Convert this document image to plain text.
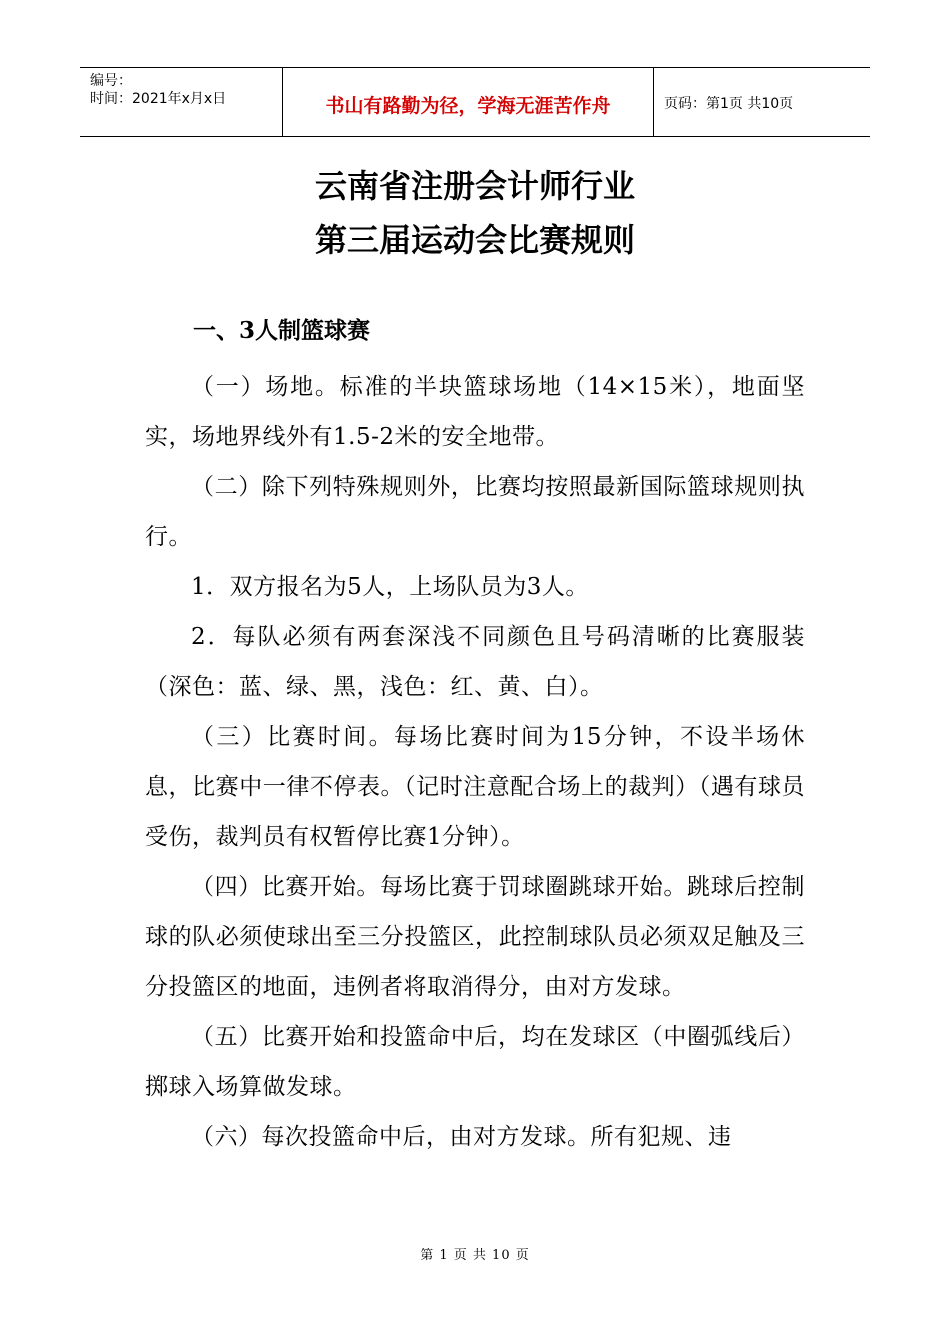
编号：
时间：2021年x月x日	书山有路勤为径，学海无涯苦作舟	页码：第1页 共10页
云南省注册会计师行业
第三届运动会比赛规则
一、3人制篮球赛

（一）场地。标准的半块篮球场地（14×15米），地面坚实，场地界线外有1.5-2米的安全地带。

（二）除下列特殊规则外，比赛均按照最新国际篮球规则执行。

1．双方报名为5人，上场队员为3人。

2．每队必须有两套深浅不同颜色且号码清晰的比赛服装（深色：蓝、绿、黑，浅色：红、黄、白）。

（三）比赛时间。每场比赛时间为15分钟，不设半场休息，比赛中一律不停表。（记时注意配合场上的裁判）（遇有球员受伤，裁判员有权暂停比赛1分钟）。

（四）比赛开始。每场比赛于罚球圈跳球开始。跳球后控制球的队必须使球出至三分投篮区，此控制球队员必须双足触及三分投篮区的地面，违例者将取消得分，由对方发球。

（五）比赛开始和投篮命中后，均在发球区（中圈弧线后）掷球入场算做发球。

（六）每次投篮命中后，由对方发球。所有犯规、违

第 1 页 共 10 页
